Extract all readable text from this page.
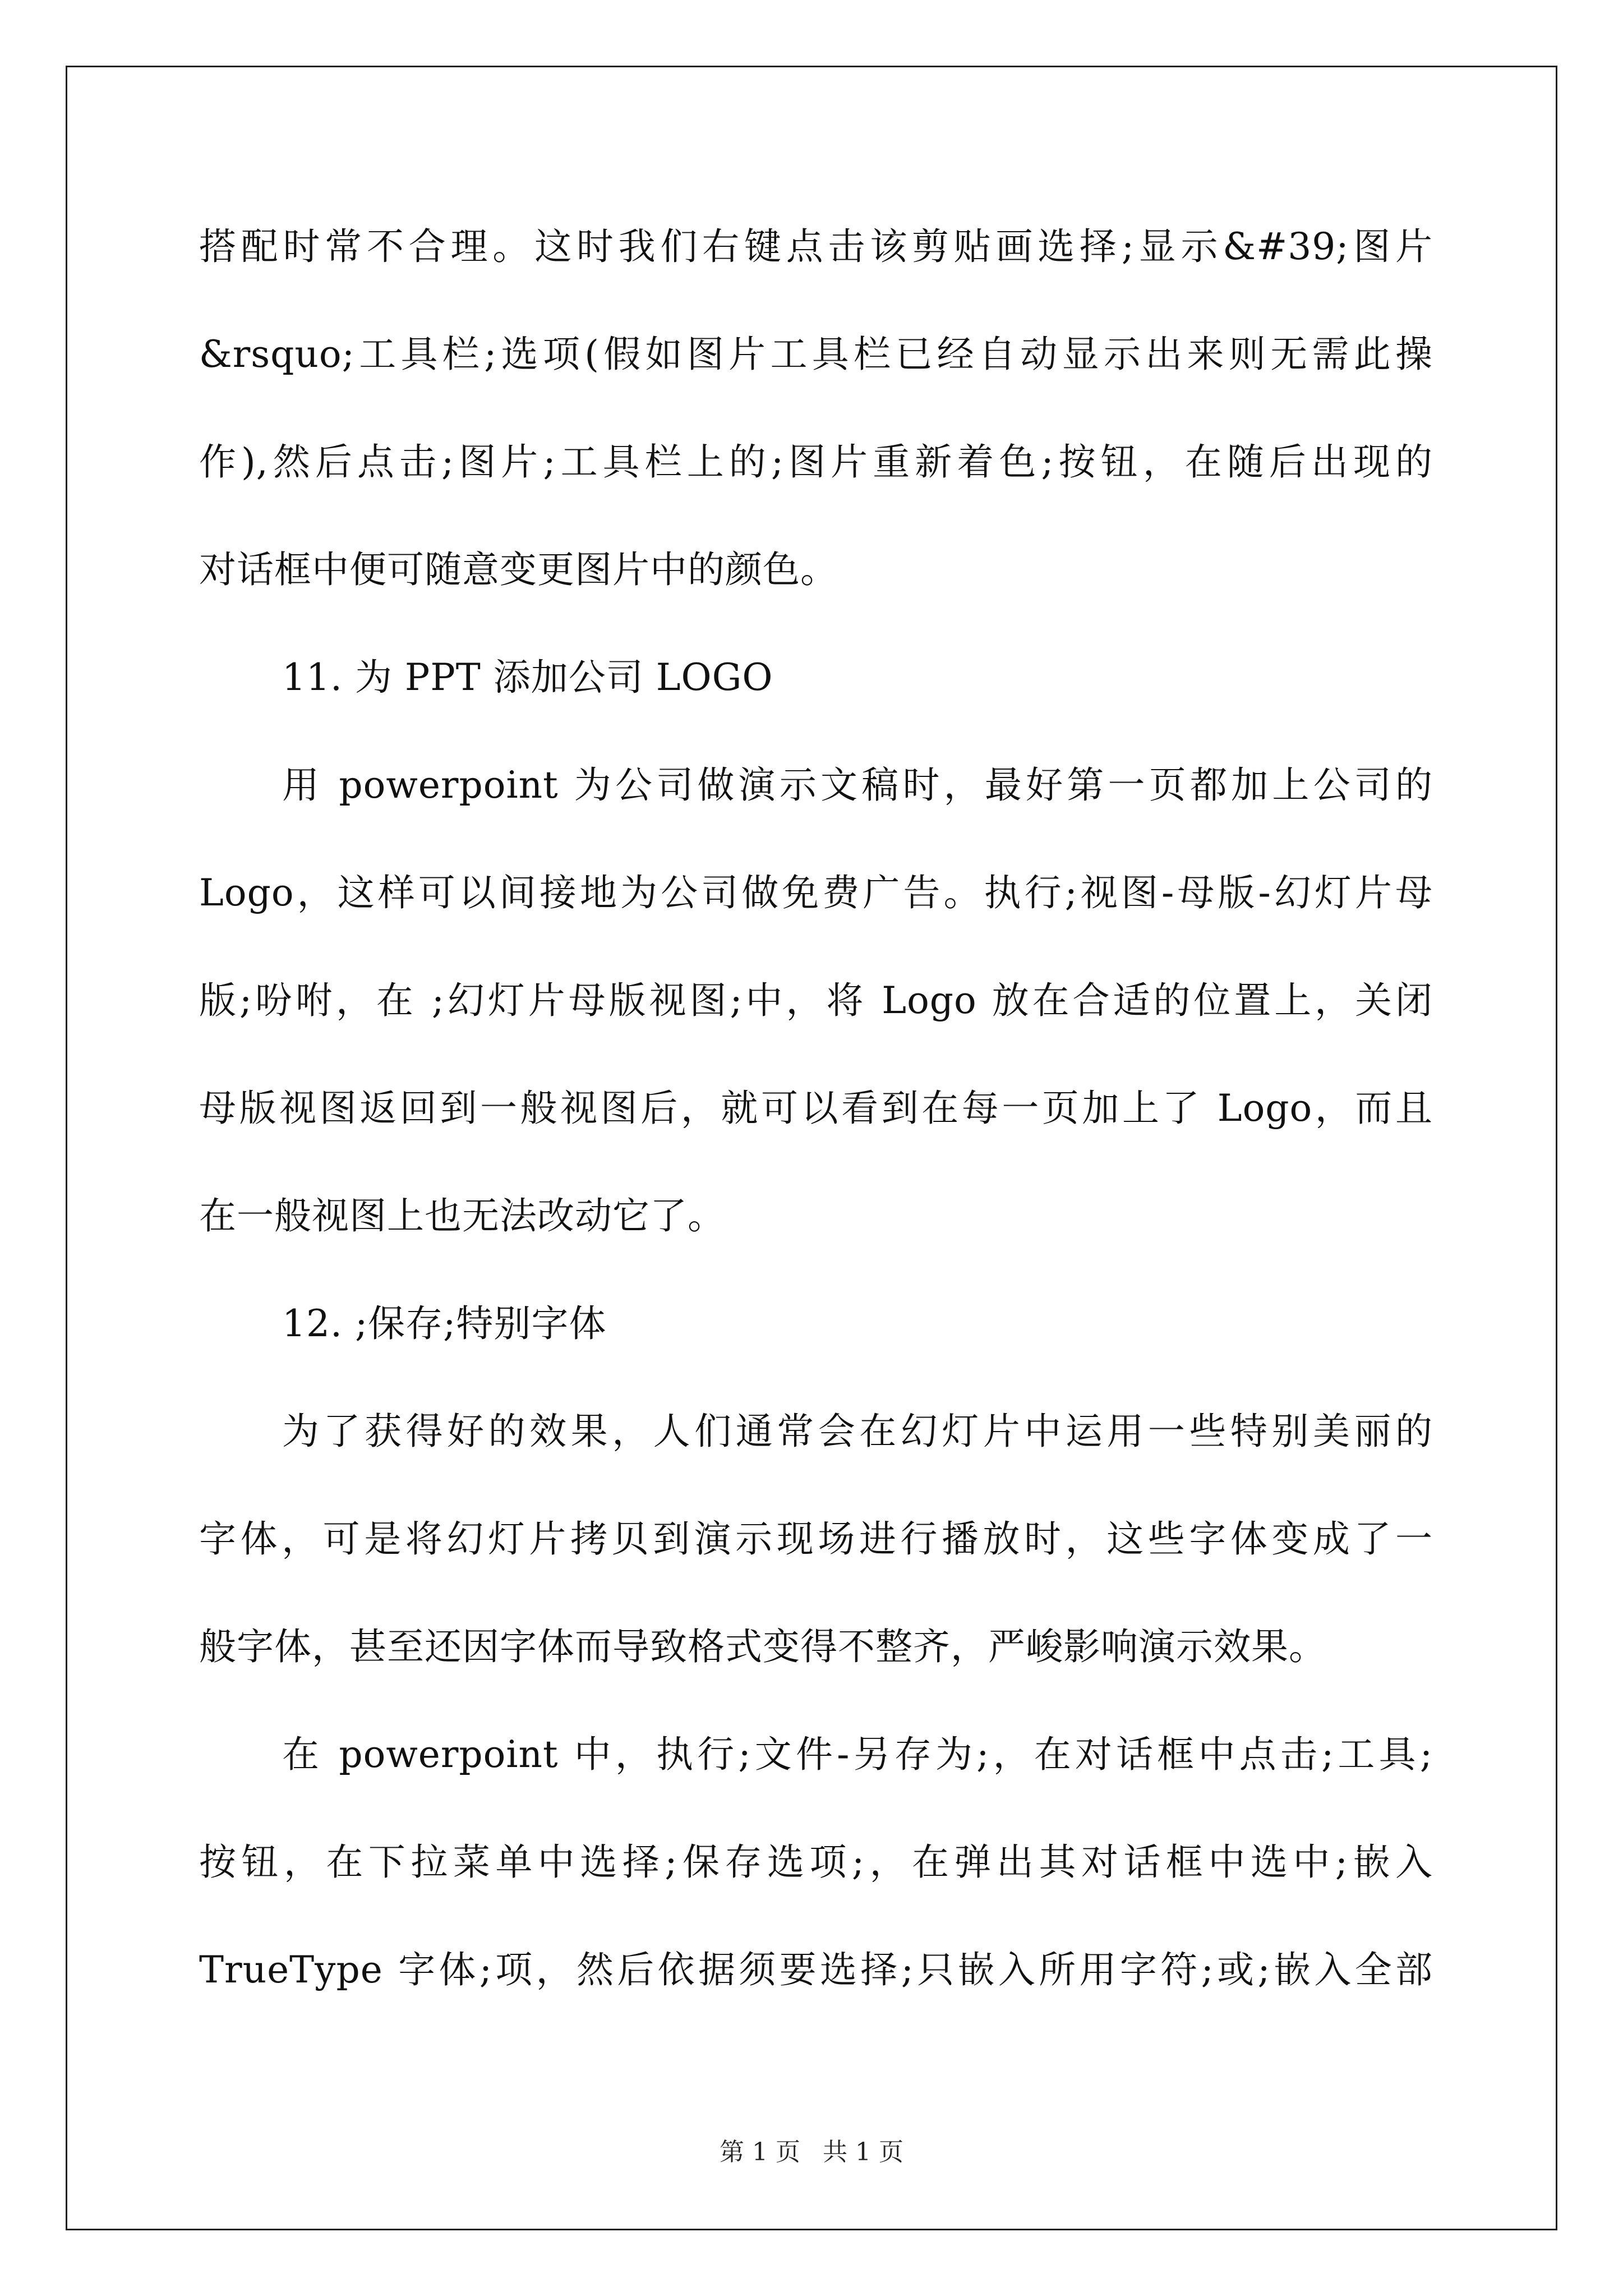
搭配时常不合理。这时我们右键点击该剪贴画选择;显示&#39;图片
&rsquo;工具栏;选项(假如图片工具栏已经自动显示出来则无需此操
作),然后点击;图片;工具栏上的;图片重新着色;按钮，在随后出现的
对话框中便可随意变更图片中的颜色。
11. 为 PPT 添加公司 LOGO
用 powerpoint 为公司做演示文稿时，最好第一页都加上公司的
Logo，这样可以间接地为公司做免费广告。执行;视图-母版-幻灯片母
版;吩咐，在 ;幻灯片母版视图;中，将 Logo 放在合适的位置上，关闭
母版视图返回到一般视图后，就可以看到在每一页加上了 Logo，而且
在一般视图上也无法改动它了。
12. ;保存;特别字体
为了获得好的效果，人们通常会在幻灯片中运用一些特别美丽的
字体，可是将幻灯片拷贝到演示现场进行播放时，这些字体变成了一
般字体，甚至还因字体而导致格式变得不整齐，严峻影响演示效果。
在 powerpoint 中，执行;文件-另存为;，在对话框中点击;工具;
按钮，在下拉菜单中选择;保存选项;，在弹出其对话框中选中;嵌入
TrueType 字体;项，然后依据须要选择;只嵌入所用字符;或;嵌入全部
第 1 页 共 1 页
